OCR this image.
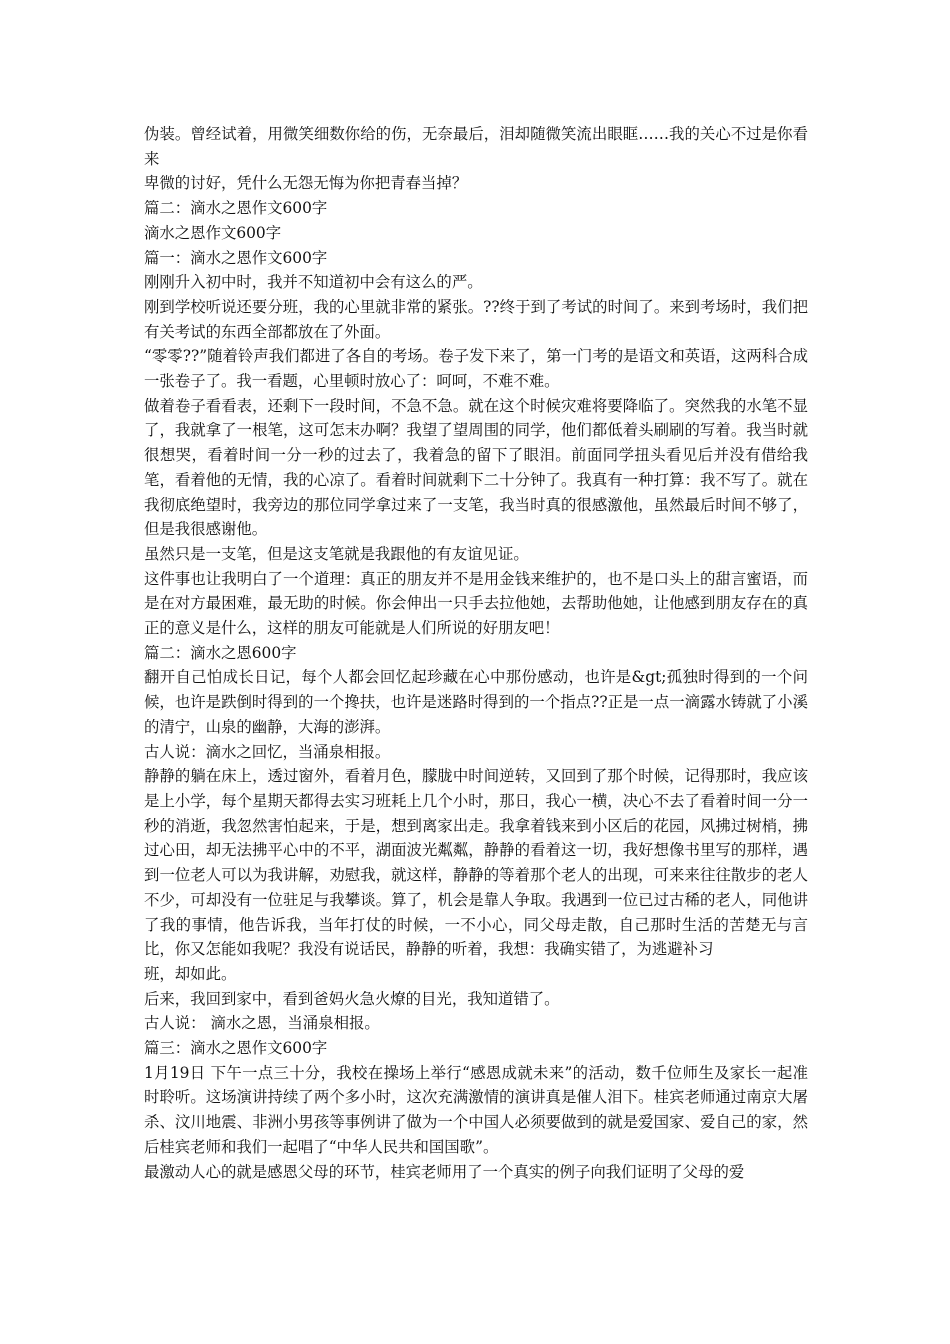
伪装。曾经试着，用微笑细数你给的伤，无奈最后，泪却随微笑流出眼眶……我的关心不过是你看来

卑微的讨好，凭什么无怨无悔为你把青春当掉？

篇二：滴水之恩作文600字

滴水之恩作文600字

篇一：滴水之恩作文600字

刚刚升入初中时，我并不知道初中会有这么的严。

刚到学校听说还要分班，我的心里就非常的紧张。??终于到了考试的时间了。来到考场时，我们把有关考试的东西全部都放在了外面。

“零零??”随着铃声我们都进了各自的考场。卷子发下来了，第一门考的是语文和英语，这两科合成一张卷子了。我一看题，心里顿时放心了：呵呵，不难不难。

做着卷子看看表，还剩下一段时间，不急不急。就在这个时候灾难将要降临了。突然我的水笔不显了，我就拿了一根笔，这可怎末办啊？我望了望周围的同学，他们都低着头刷刷的写着。我当时就很想哭，看着时间一分一秒的过去了，我着急的留下了眼泪。前面同学扭头看见后并没有借给我笔，看着他的无情，我的心凉了。看着时间就剩下二十分钟了。我真有一种打算：我不写了。就在我彻底绝望时，我旁边的那位同学拿过来了一支笔，我当时真的很感激他，虽然最后时间不够了，但是我很感谢他。

虽然只是一支笔，但是这支笔就是我跟他的有友谊见证。

这件事也让我明白了一个道理：真正的朋友并不是用金钱来维护的，也不是口头上的甜言蜜语，而是在对方最困难，最无助的时候。你会伸出一只手去拉他她，去帮助他她，让他感到朋友存在的真正的意义是什么，这样的朋友可能就是人们所说的好朋友吧！

篇二：滴水之恩600字

翻开自己怕成长日记，每个人都会回忆起珍藏在心中那份感动，也许是&gt;孤独时得到的一个问候，也许是跌倒时得到的一个搀扶，也许是迷路时得到的一个指点??正是一点一滴露水铸就了小溪的清宁，山泉的幽静，大海的澎湃。

古人说：滴水之回忆，当涌泉相报。

静静的躺在床上，透过窗外，看着月色，朦胧中时间逆转，又回到了那个时候，记得那时，我应该是上小学，每个星期天都得去实习班耗上几个小时，那日，我心一横，决心不去了看着时间一分一秒的消逝，我忽然害怕起来，于是，想到离家出走。我拿着钱来到小区后的花园，风拂过树梢，拂过心田，却无法拂平心中的不平，湖面波光粼粼，静静的看着这一切，我好想像书里写的那样，遇到一位老人可以为我讲解，劝慰我，就这样，静静的等着那个老人的出现，可来来往往散步的老人不少，可却没有一位驻足与我攀谈。算了，机会是靠人争取。我遇到一位已过古稀的老人，同他讲了我的事情，他告诉我，当年打仗的时候，一不小心，同父母走散，自己那时生活的苦楚无与言比，你又怎能如我呢？我没有说话民，静静的听着，我想：我确实错了，为逃避补习

班，却如此。

后来，我回到家中，看到爸妈火急火燎的目光，我知道错了。

古人说： 滴水之恩，当涌泉相报。

篇三：滴水之恩作文600字

1月19日 下午一点三十分，我校在操场上举行“感恩成就未来”的活动，数千位师生及家长一起准时聆听。这场演讲持续了两个多小时，这次充满激情的演讲真是催人泪下。桂宾老师通过南京大屠杀、汶川地震、非洲小男孩等事例讲了做为一个中国人必须要做到的就是爱国家、爱自己的家，然后桂宾老师和我们一起唱了“中华人民共和国国歌”。

最激动人心的就是感恩父母的环节，桂宾老师用了一个真实的例子向我们证明了父母的爱
